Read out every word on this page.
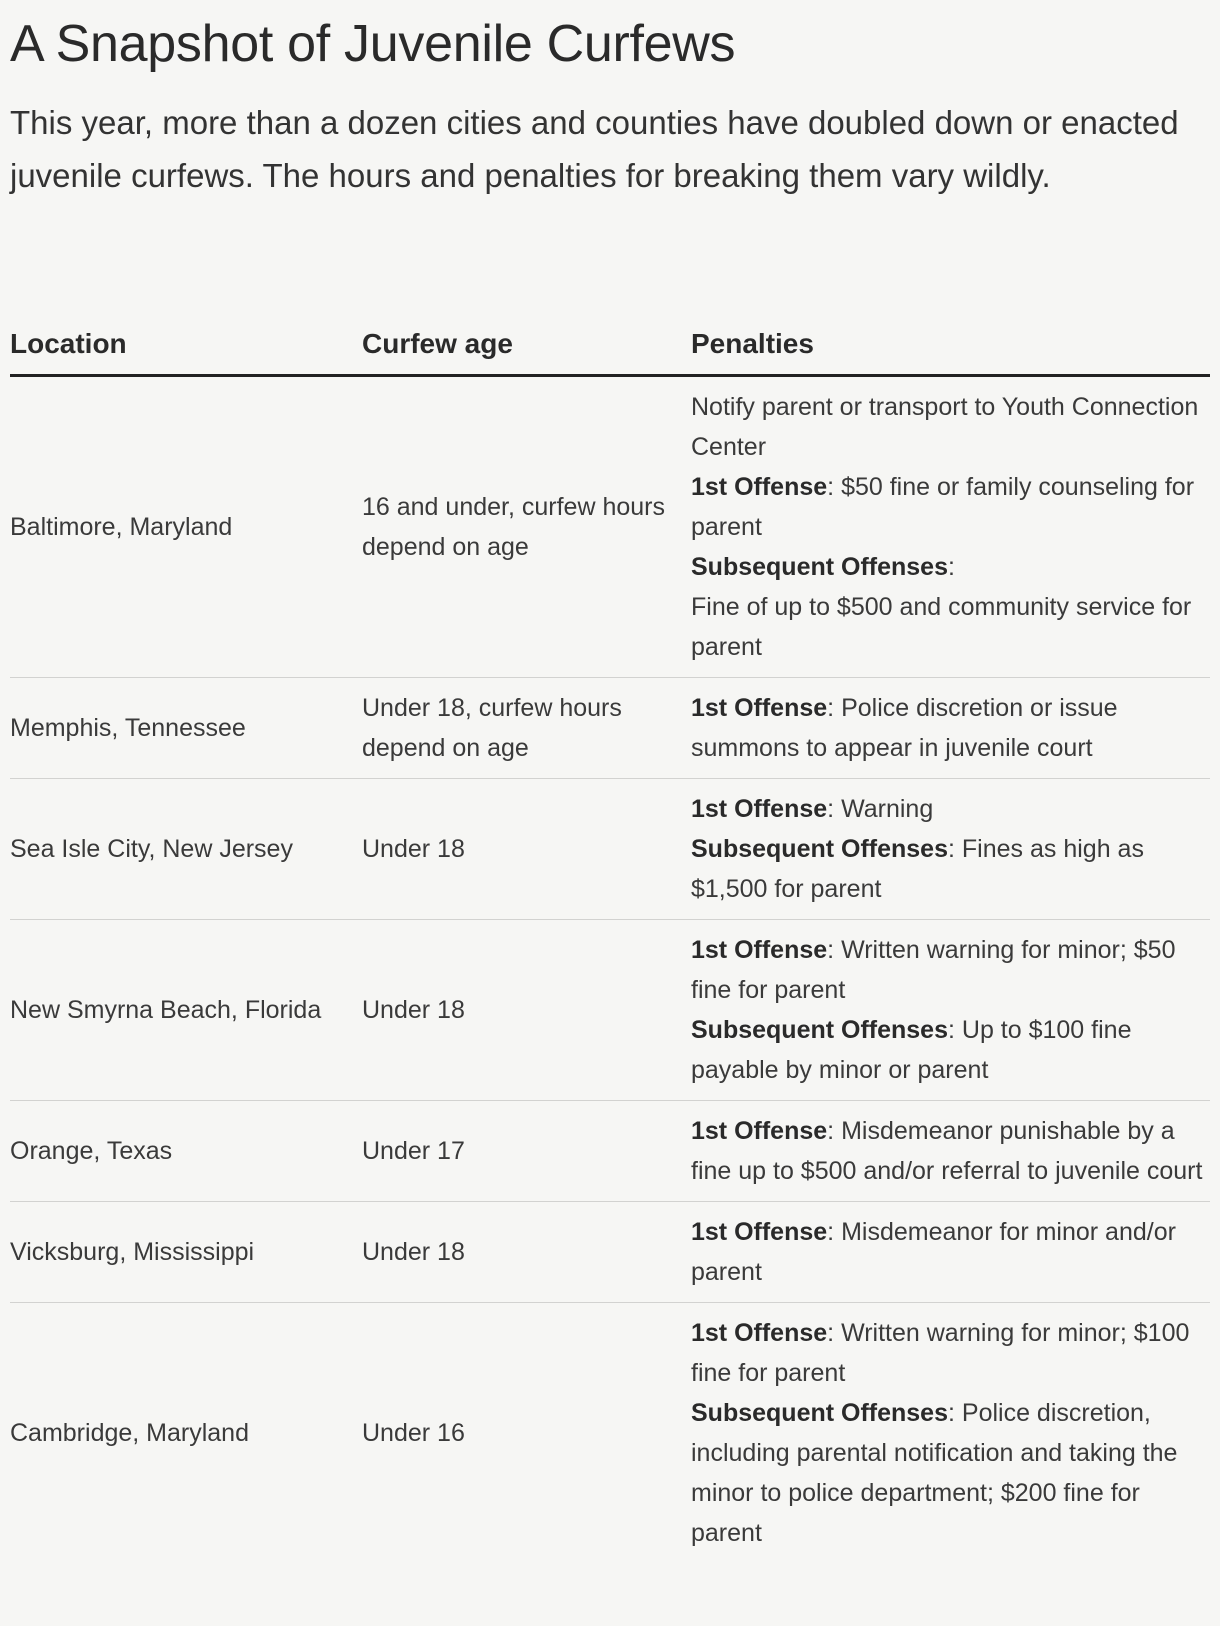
A Snapshot of Juvenile Curfews

This year, more than a dozen cities and counties have doubled down or enacted juvenile curfews. The hours and penalties for breaking them vary wildly.

Location	Curfew age	Penalties
Baltimore, Maryland	16 and under, curfew hours depend on age	Notify parent or transport to Youth Connection Center
1st Offense: $50 fine or family counseling for parent
Subsequent Offenses:
Fine of up to $500 and community service for parent

Memphis, Tennessee	Under 18, curfew hours depend on age	1st Offense: Police discretion or issue summons to appear in juvenile court

Sea Isle City, New Jersey	Under 18	1st Offense: Warning
Subsequent Offenses: Fines as high as $1,500 for parent

New Smyrna Beach, Florida	Under 18	1st Offense: Written warning for minor; $50 fine for parent
Subsequent Offenses: Up to $100 fine payable by minor or parent

Orange, Texas	Under 17	1st Offense: Misdemeanor punishable by a fine up to $500 and/or referral to juvenile court

Vicksburg, Mississippi	Under 18	1st Offense: Misdemeanor for minor and/or parent

Cambridge, Maryland	Under 16	1st Offense: Written warning for minor; $100 fine for parent
Subsequent Offenses: Police discretion, including parental notification and taking the minor to police department; $200 fine for parent
